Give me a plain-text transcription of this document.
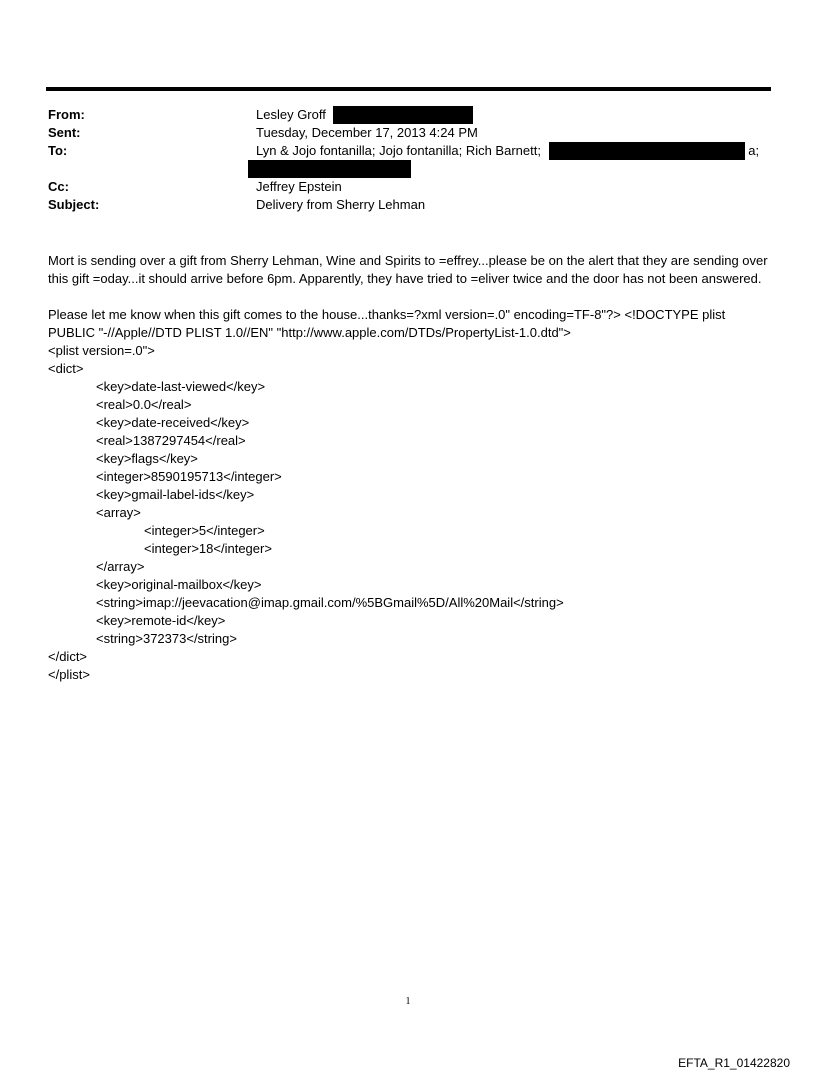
From:	Lesley Groff
Sent:	Tuesday, December 17, 2013 4:24 PM
To:	Lyn & Jojo fontanilla; Jojo fontanilla; Rich Barnett;	a;
Cc:	Jeffrey Epstein
Subject:	Delivery from Sherry Lehman

Mort is sending over a gift from Sherry Lehman, Wine and Spirits to =effrey...please be on the alert that they are sending over this gift =oday...it should arrive before 6pm. Apparently, they have tried to =eliver twice and the door has not been answered.

Please let me know when this gift comes to the house...thanks=?xml version=.0" encoding=TF-8"?> <!DOCTYPE plist PUBLIC "-//Apple//DTD PLIST 1.0//EN" "http://www.apple.com/DTDs/PropertyList-1.0.dtd">

<plist version=.0">
<dict>
<key>date-last-viewed</key>
<real>0.0</real>
<key>date-received</key>
<real>1387297454</real>
<key>flags</key>
<integer>8590195713</integer>
<key>gmail-label-ids</key>
<array>
<integer>5</integer>
<integer>18</integer>
</array>
<key>original-mailbox</key>
<string>imap://jeevacation@imap.gmail.com/%5BGmail%5D/All%20Mail</string>
<key>remote-id</key>
<string>372373</string>
</dict>
</plist>
1
EFTA_R1_01422820
